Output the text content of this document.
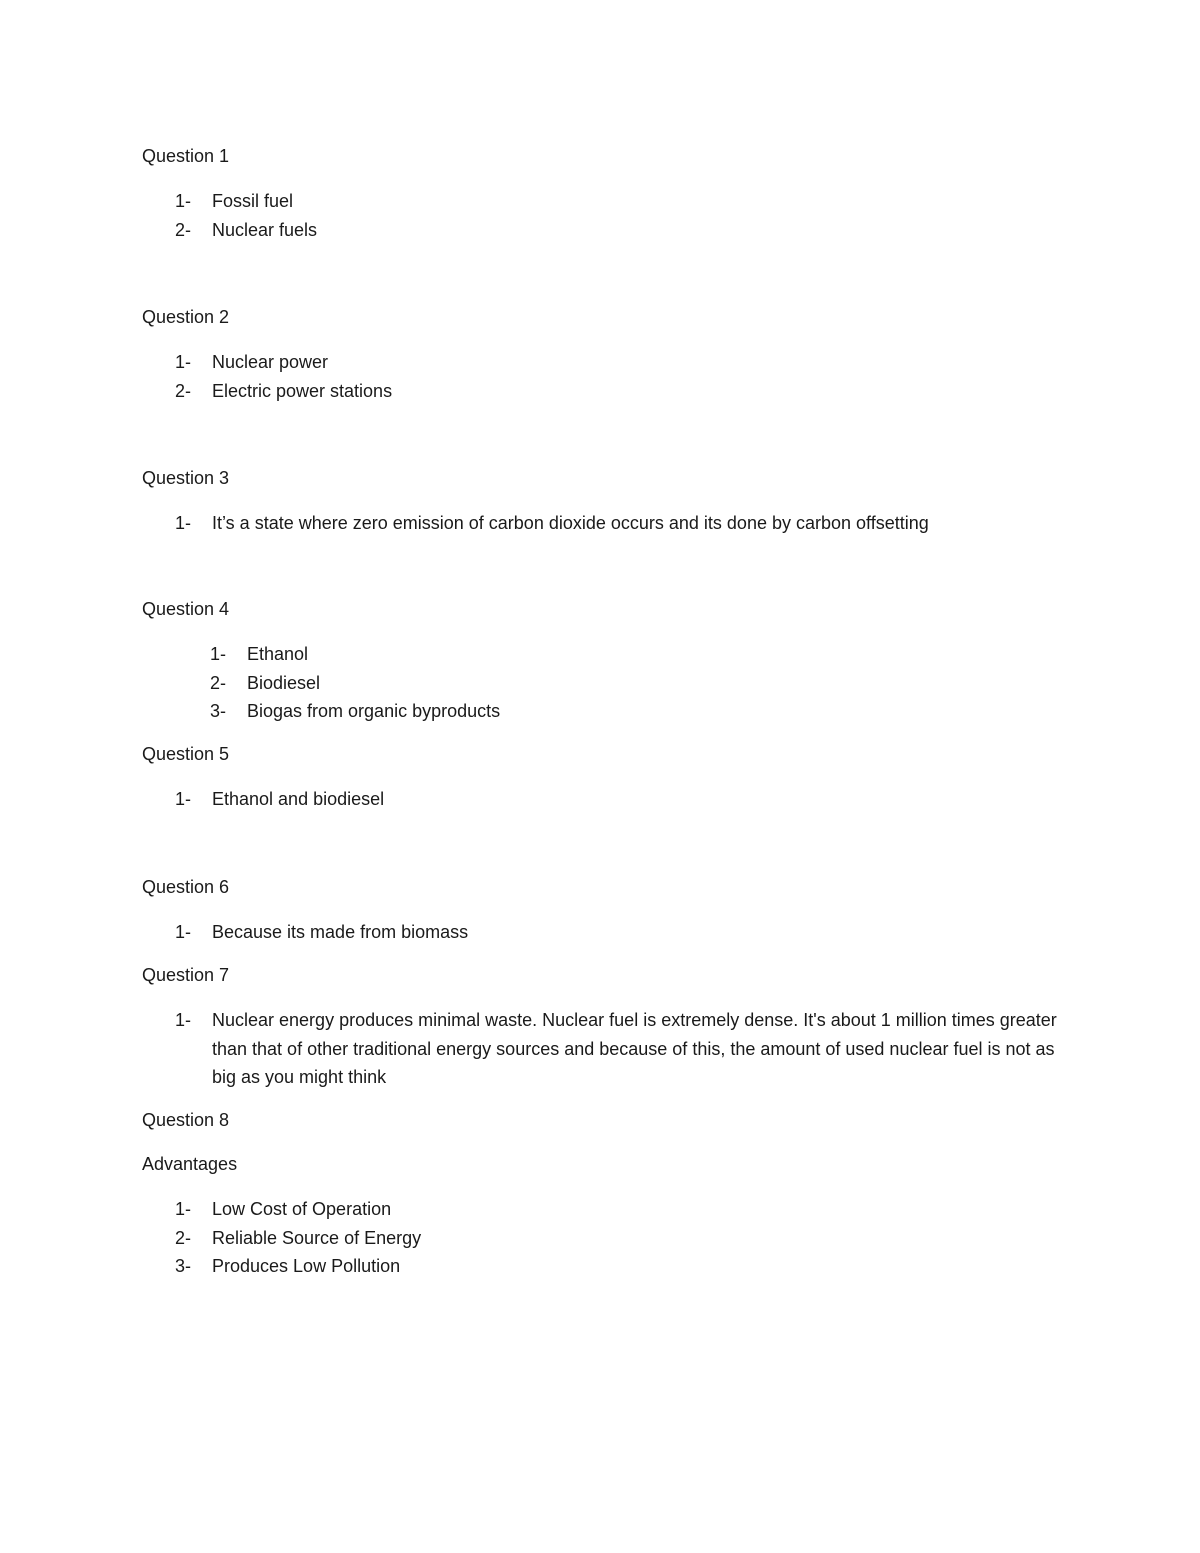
Question 1
1- Fossil fuel
2- Nuclear fuels
Question 2
1- Nuclear power
2- Electric power stations
Question 3
1- It’s a state where zero emission of carbon dioxide occurs and its done by carbon offsetting
Question 4
1- Ethanol
2- Biodiesel
3- Biogas from organic byproducts
Question 5
1- Ethanol and biodiesel
Question 6
1- Because its made from biomass
Question 7
1- Nuclear energy produces minimal waste. Nuclear fuel is extremely dense. It's about 1 million times greater than that of other traditional energy sources and because of this, the amount of used nuclear fuel is not as big as you might think
Question 8
Advantages
1- Low Cost of Operation
2- Reliable Source of Energy
3- Produces Low Pollution
